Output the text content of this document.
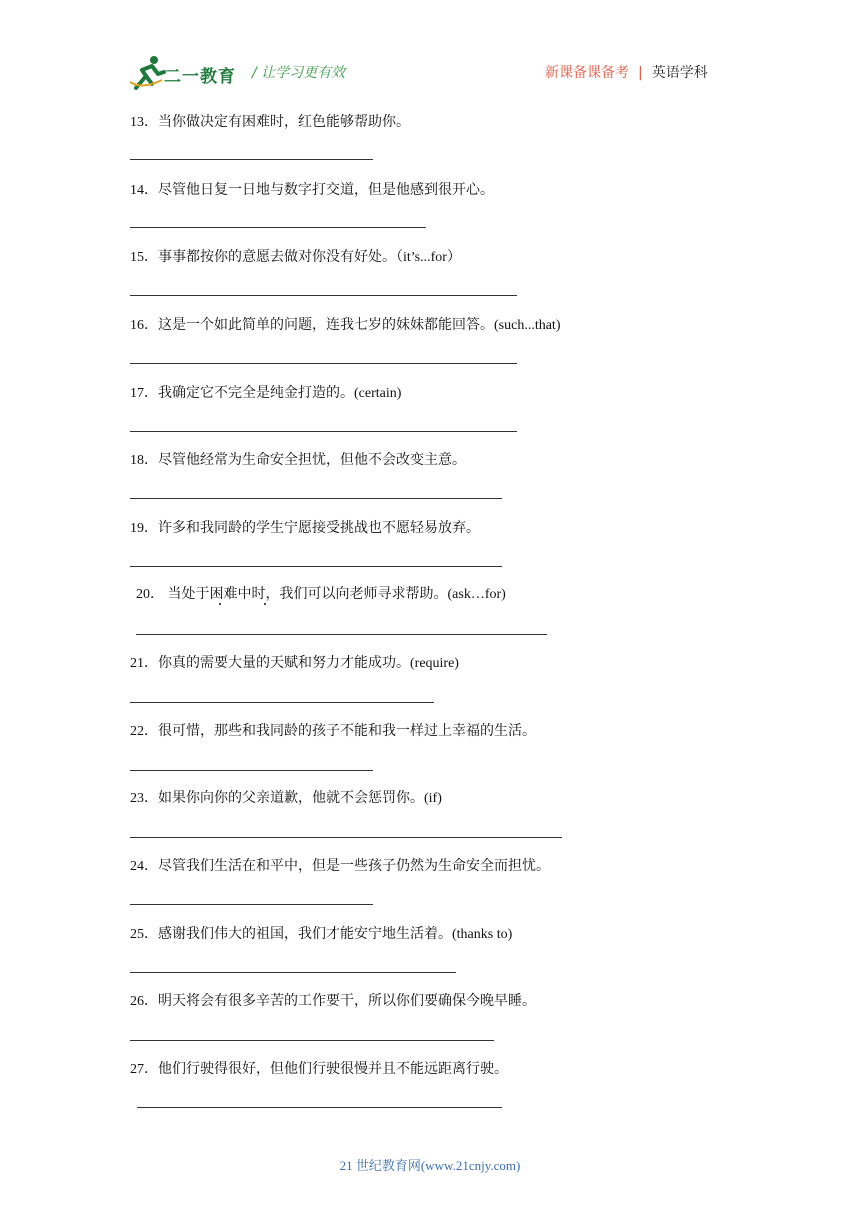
二一教育 / 让学习更有效	新课备课备考 | 英语学科
13．当你做决定有困难时，红色能够帮助你。
14．尽管他日复一日地与数字打交道，但是他感到很开心。
15．事事都按你的意愿去做对你没有好处。（it’s...for）
16．这是一个如此简单的问题，连我七岁的妹妹都能回答。(such...that)
17．我确定它不完全是纯金打造的。(certain)
18．尽管他经常为生命安全担忧，但他不会改变主意。
19．许多和我同龄的学生宁愿接受挑战也不愿轻易放弃。
20． 当处于困难中时，我们可以向老师寻求帮助。(ask…for)
21．你真的需要大量的天赋和努力才能成功。(require)
22．很可惜，那些和我同龄的孩子不能和我一样过上幸福的生活。
23．如果你向你的父亲道歉，他就不会惩罚你。(if)
24．尽管我们生活在和平中，但是一些孩子仍然为生命安全而担忧。
25．感谢我们伟大的祖国，我们才能安宁地生活着。(thanks to)
26．明天将会有很多辛苦的工作要干，所以你们要确保今晚早睡。
27．他们行驶得很好，但他们行驶很慢并且不能远距离行驶。
21 世纪教育网(www.21cnjy.com)
